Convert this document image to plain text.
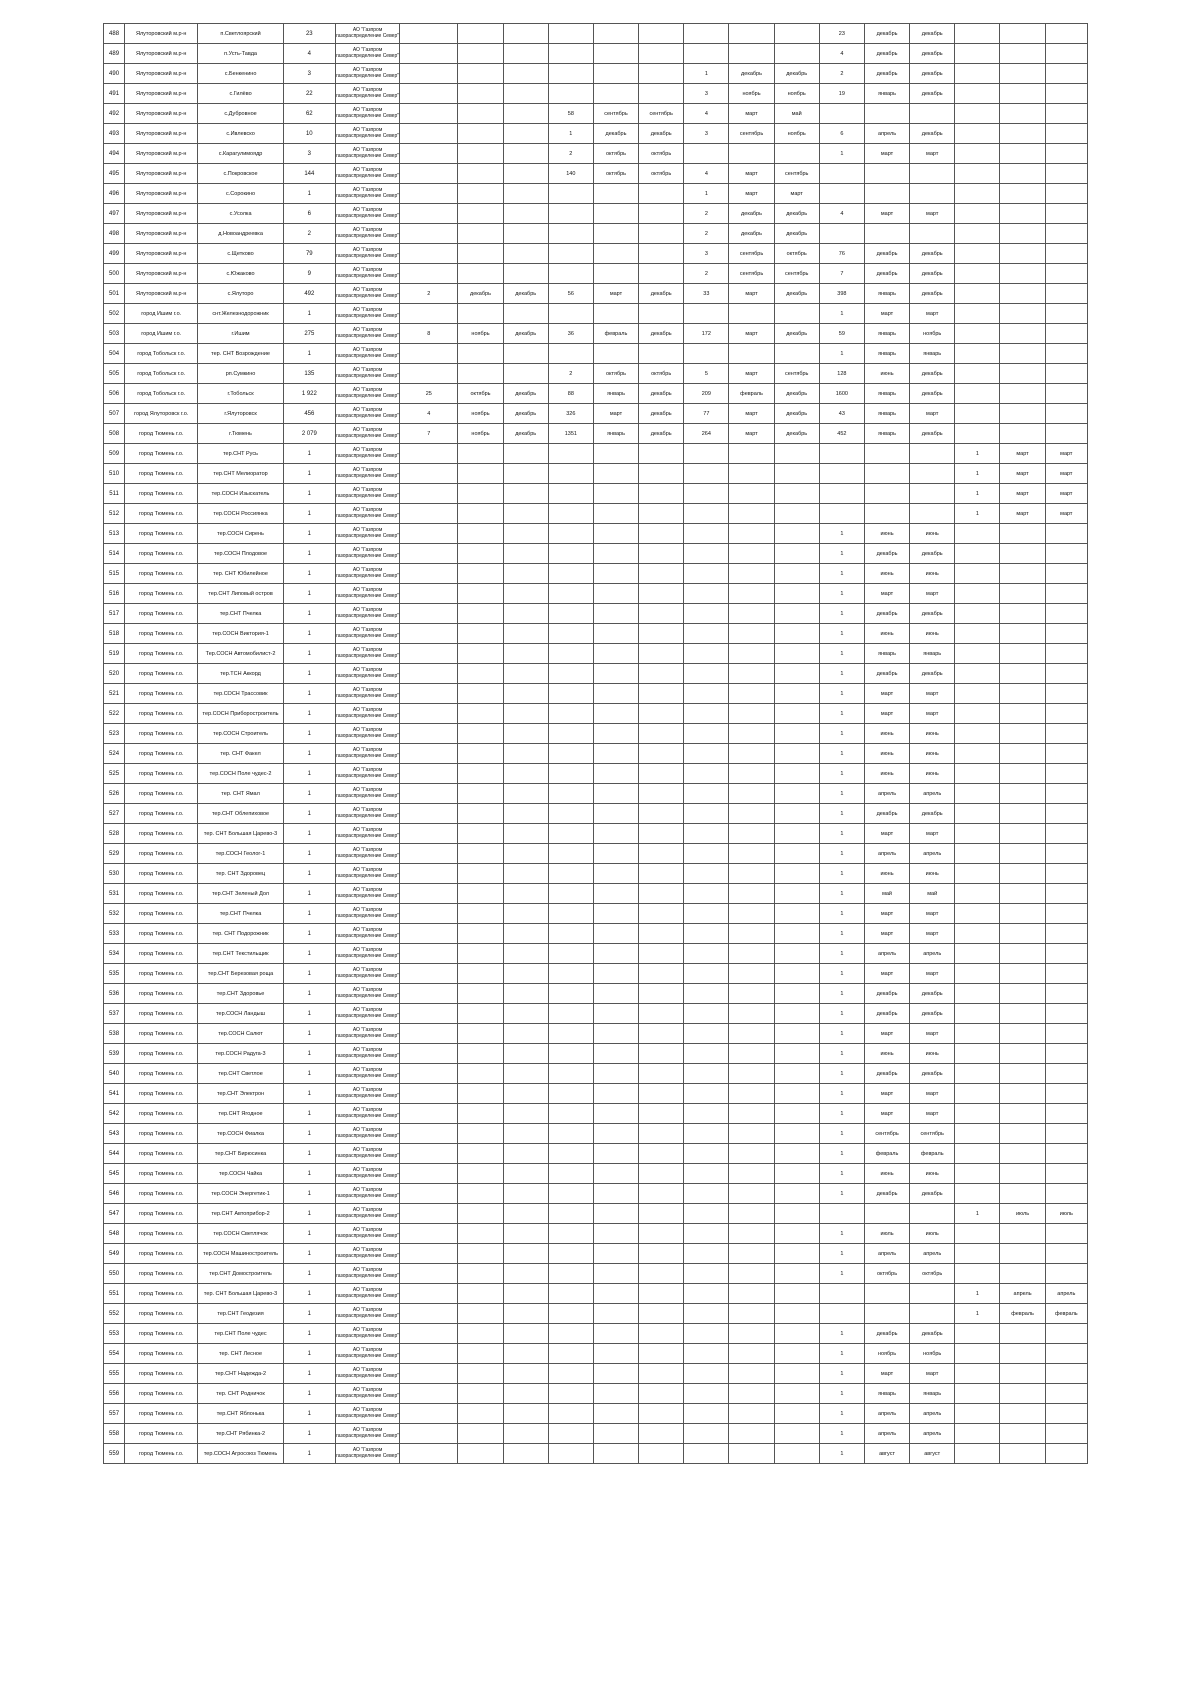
488	Ялуторовский м.р-н	п.Светлоярский	23	АО "Газпром газораспределение Север"										23	декабрь	декабрь			
489	Ялуторовский м.р-н	п.Усть-Тавда	4	АО "Газпром газораспределение Север"										4	декабрь	декабрь			
490	Ялуторовский м.р-н	с.Бенкенино	3	АО "Газпром газораспределение Север"							1	декабрь	декабрь	2	декабрь	декабрь			
491	Ялуторовский м.р-н	с.Гилёво	22	АО "Газпром газораспределение Север"							3	ноябрь	ноябрь	19	январь	декабрь			
492	Ялуторовский м.р-н	с.Дубровное	62	АО "Газпром газораспределение Север"				58	сентябрь	сентябрь	4	март	май						
493	Ялуторовский м.р-н	с.Ивлевско	10	АО "Газпром газораспределение Север"				1	декабрь	декабрь	3	сентябрь	ноябрь	6	апрель	декабрь			
494	Ялуторовский м.р-н	с.Карагулимоядр	3	АО "Газпром газораспределение Север"				2	октябрь	октябрь				1	март	март			
495	Ялуторовский м.р-н	с.Покровское	144	АО "Газпром газораспределение Север"				140	октябрь	октябрь	4	март	сентябрь						
496	Ялуторовский м.р-н	с.Сорокино	1	АО "Газпром газораспределение Север"							1	март	март						
497	Ялуторовский м.р-н	с.Усолка	6	АО "Газпром газораспределение Север"							2	декабрь	декабрь	4	март	март			
498	Ялуторовский м.р-н	д.Новоандреевка	2	АО "Газпром газораспределение Север"							2	декабрь	декабрь						
499	Ялуторовский м.р-н	с.Щетково	79	АО "Газпром газораспределение Север"							3	сентябрь	октябрь	76	декабрь	декабрь			
500	Ялуторовский м.р-н	с.Южаково	9	АО "Газпром газораспределение Север"							2	сентябрь	сентябрь	7	декабрь	декабрь			
501	Ялуторовский м.р-н	с.Ялуторо	492	АО "Газпром газораспределение Север"	2	декабрь	декабрь	56	март	декабрь	33	март	декабрь	398	январь	декабрь			
502	город Ишим г.о.	снт.Железнодорожник	1	АО "Газпром газораспределение Север"										1	март	март			
503	город Ишим г.о.	г.Ишим	275	АО "Газпром газораспределение Север"	8	ноябрь	декабрь	36	февраль	декабрь	172	март	декабрь	59	январь	ноябрь			
504	город Тобольск г.о.	тер. СНТ Возрождение	1	АО "Газпром газораспределение Север"										1	январь	январь			
505	город Тобольск г.о.	рп.Сумкино	135	АО "Газпром газораспределение Север"				2	октябрь	октябрь	5	март	сентябрь	128	июнь	декабрь			
506	город Тобольск г.о.	г.Тобольск	1 922	АО "Газпром газораспределение Север"	25	октябрь	декабрь	88	январь	декабрь	209	февраль	декабрь	1600	январь	декабрь			
507	город Ялуторовск г.о.	г.Ялуторовск	456	АО "Газпром газораспределение Север"	4	ноябрь	декабрь	326	март	декабрь	77	март	декабрь	43	январь	март			
508	город Тюмень г.о.	г.Тюмень	2 079	АО "Газпром газораспределение Север"	7	ноябрь	декабрь	1351	январь	декабрь	264	март	декабрь	452	январь	декабрь			
509	город Тюмень г.о.	тер.СНТ Русь	1	АО "Газпром газораспределение Север"													1	март	март
510	город Тюмень г.о.	тер.СНТ Мелиоратор	1	АО "Газпром газораспределение Север"													1	март	март
511	город Тюмень г.о.	тер.СОСН Изыскатель	1	АО "Газпром газораспределение Север"													1	март	март
512	город Тюмень г.о.	тер.СОСН Россиянка	1	АО "Газпром газораспределение Север"													1	март	март
513	город Тюмень г.о.	тер.СОСН Сирень	1	АО "Газпром газораспределение Север"										1	июнь	июнь			
514	город Тюмень г.о.	тер.СОСН Плодовое	1	АО "Газпром газораспределение Север"										1	декабрь	декабрь			
515	город Тюмень г.о.	тер. СНТ Юбилейное	1	АО "Газпром газораспределение Север"										1	июнь	июнь			
516	город Тюмень г.о.	тер.СНТ Липовый остров	1	АО "Газпром газораспределение Север"										1	март	март			
517	город Тюмень г.о.	тер.СНТ Пчелка	1	АО "Газпром газораспределение Север"										1	декабрь	декабрь			
518	город Тюмень г.о.	тер.СОСН Виктория-1	1	АО "Газпром газораспределение Север"										1	июнь	июнь			
519	город Тюмень г.о.	Тер.СОСН Автомобилист-2	1	АО "Газпром газораспределение Север"										1	январь	январь			
520	город Тюмень г.о.	тер.ТСН Аккорд	1	АО "Газпром газораспределение Север"										1	декабрь	декабрь			
521	город Тюмень г.о.	тер.СОСН Трассовик	1	АО "Газпром газораспределение Север"										1	март	март			
522	город Тюмень г.о.	тер.СОСН Приборостроитель	1	АО "Газпром газораспределение Север"										1	март	март			
523	город Тюмень г.о.	тер.СОСН Строитель	1	АО "Газпром газораспределение Север"										1	июнь	июнь			
524	город Тюмень г.о.	тер. СНТ Факел	1	АО "Газпром газораспределение Север"										1	июнь	июнь			
525	город Тюмень г.о.	тер.СОСН Поле чудес-2	1	АО "Газпром газораспределение Север"										1	июнь	июнь			
526	город Тюмень г.о.	тер. СНТ Ямал	1	АО "Газпром газораспределение Север"										1	апрель	апрель			
527	город Тюмень г.о.	тер.СНТ Облепиховое	1	АО "Газпром газораспределение Север"										1	декабрь	декабрь			
528	город Тюмень г.о.	тер. СНТ Большая Царево-3	1	АО "Газпром газораспределение Север"										1	март	март			
529	город Тюмень г.о.	тер.СОСН Геолог-1	1	АО "Газпром газораспределение Север"										1	апрель	апрель			
530	город Тюмень г.о.	тер. СНТ Здоровец	1	АО "Газпром газораспределение Север"										1	июнь	июнь			
531	город Тюмень г.о.	тер.СНТ Зеленый Дол	1	АО "Газпром газораспределение Север"										1	май	май			
532	город Тюмень г.о.	тер.СНТ Пчелка	1	АО "Газпром газораспределение Север"										1	март	март			
533	город Тюмень г.о.	тер. СНТ Подорожник	1	АО "Газпром газораспределение Север"										1	март	март			
534	город Тюмень г.о.	тер.СНТ Текстильщик	1	АО "Газпром газораспределение Север"										1	апрель	апрель			
535	город Тюмень г.о.	тер.СНТ Березовая роща	1	АО "Газпром газораспределение Север"										1	март	март			
536	город Тюмень г.о.	тер.СНТ Здоровье	1	АО "Газпром газораспределение Север"										1	декабрь	декабрь			
537	город Тюмень г.о.	тер.СОСН Ландыш	1	АО "Газпром газораспределение Север"										1	декабрь	декабрь			
538	город Тюмень г.о.	тер.СОСН Салют	1	АО "Газпром газораспределение Север"										1	март	март			
539	город Тюмень г.о.	тер.СОСН Радуга-3	1	АО "Газпром газораспределение Север"										1	июнь	июнь			
540	город Тюмень г.о.	тер.СНТ Светлое	1	АО "Газпром газораспределение Север"										1	декабрь	декабрь			
541	город Тюмень г.о.	тер.СНТ Электрон	1	АО "Газпром газораспределение Север"										1	март	март			
542	город Тюмень г.о.	тер.СНТ Ягодное	1	АО "Газпром газораспределение Север"										1	март	март			
543	город Тюмень г.о.	тер.СОСН Фиалка	1	АО "Газпром газораспределение Север"										1	сентябрь	сентябрь			
544	город Тюмень г.о.	тер.СНТ Бирюсинка	1	АО "Газпром газораспределение Север"										1	февраль	февраль			
545	город Тюмень г.о.	тер.СОСН Чайка	1	АО "Газпром газораспределение Север"										1	июнь	июнь			
546	город Тюмень г.о.	тер.СОСН Энергетик-1	1	АО "Газпром газораспределение Север"										1	декабрь	декабрь			
547	город Тюмень г.о.	тер.СНТ Автоприбор-2	1	АО "Газпром газораспределение Север"													1	июль	июль
548	город Тюмень г.о.	тер.СОСН Светлячок	1	АО "Газпром газораспределение Север"										1	июль	июль			
549	город Тюмень г.о.	тер.СОСН Машиностроитель	1	АО "Газпром газораспределение Север"										1	апрель	апрель			
550	город Тюмень г.о.	тер.СНТ Домостроитель	1	АО "Газпром газораспределение Север"										1	октябрь	октябрь			
551	город Тюмень г.о.	тер. СНТ Большая Царево-3	1	АО "Газпром газораспределение Север"													1	апрель	апрель
552	город Тюмень г.о.	тер.СНТ Геодезия	1	АО "Газпром газораспределение Север"													1	февраль	февраль
553	город Тюмень г.о.	тер.СНТ Поле чудес	1	АО "Газпром газораспределение Север"										1	декабрь	декабрь			
554	город Тюмень г.о.	тер. СНТ Лесное	1	АО "Газпром газораспределение Север"										1	ноябрь	ноябрь			
555	город Тюмень г.о.	тер.СНТ Надежда-2	1	АО "Газпром газораспределение Север"										1	март	март			
556	город Тюмень г.о.	тер. СНТ Родничок	1	АО "Газпром газораспределение Север"										1	январь	январь			
557	город Тюмень г.о.	тер.СНТ Яблонька	1	АО "Газпром газораспределение Север"										1	апрель	апрель			
558	город Тюмень г.о.	тер.СНТ Рябинка-2	1	АО "Газпром газораспределение Север"										1	апрель	апрель			
559	город Тюмень г.о.	тер.СОСН Агросоюз Тюмень	1	АО "Газпром газораспределение Север"										1	август	август			
